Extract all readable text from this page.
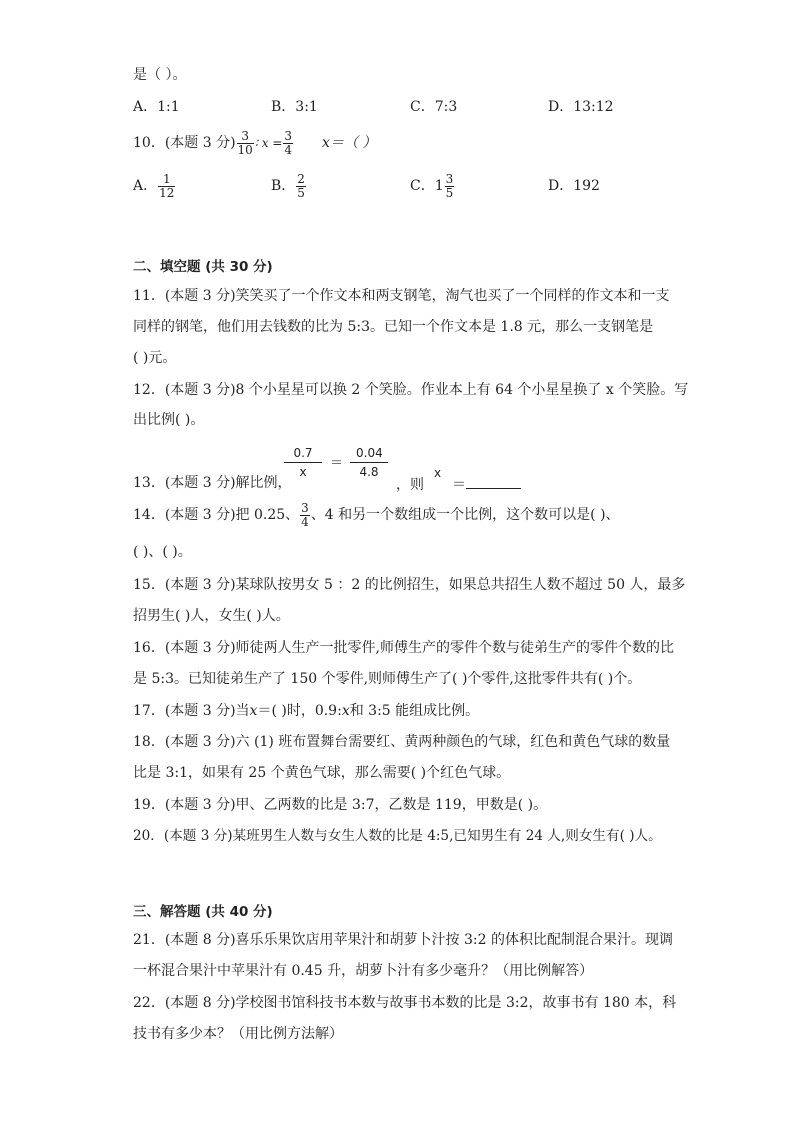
是（ ）。
A．1:1	B．3:1	C．7:3	D．13:12
10．(本题 3 分) $\frac{3}{10}$ ∶ $x = \frac{3}{4} x=$（ ）
A． $\frac{1}{12}$	B． $\frac{2}{5}$	C．$1 \frac{3}{5}$	D．192
二、填空题 (共 30 分)
11．(本题 3 分)笑笑买了一个作文本和两支钢笔，淘气也买了一个同样的作文本和一支
同样的钢笔，他们用去钱数的比为 5:3。已知一个作文本是 1.8 元，那么一支钢笔是
( )元。
12．(本题 3 分)8 个小星星可以换 2 个笑脸。作业本上有 64 个小星星换了 x 个笑脸。写
出比例( )。
13．(本题 3 分)解比例，
$\frac{0.7}{x} = \frac{0.04}{4.8}$
，则
x
＝
14．(本题 3 分)把 0.25、 $\frac{3}{4}$ 、4 和另一个数组成一个比例，这个数可以是( )、
( )、( )。
15．(本题 3 分)某球队按男女 5 ：2 的比例招生，如果总共招生人数不超过 50 人，最多
招男生( )人，女生( )人。
16．(本题 3 分)师徒两人生产一批零件,师傅生产的零件个数与徒弟生产的零件个数的比
是 5:3。已知徒弟生产了 150 个零件,则师傅生产了( )个零件,这批零件共有( )个。
17．(本题 3 分)当x＝( )时，0.9:x和 3:5 能组成比例。
18．(本题 3 分)六 (1) 班布置舞台需要红、黄两种颜色的气球，红色和黄色气球的数量
比是 3:1，如果有 25 个黄色气球，那么需要( )个红色气球。
19．(本题 3 分)甲、乙两数的比是 3:7，乙数是 119，甲数是( )。
20．(本题 3 分)某班男生人数与女生人数的比是 4:5,已知男生有 24 人,则女生有( )人。
三、解答题 (共 40 分)
21．(本题 8 分)喜乐乐果饮店用苹果汁和胡萝卜汁按 3:2 的体积比配制混合果汁。现调
一杯混合果汁中苹果汁有 0.45 升，胡萝卜汁有多少毫升？（用比例解答）
22．(本题 8 分)学校图书馆科技书本数与故事书本数的比是 3:2，故事书有 180 本，科
技书有多少本？（用比例方法解）
